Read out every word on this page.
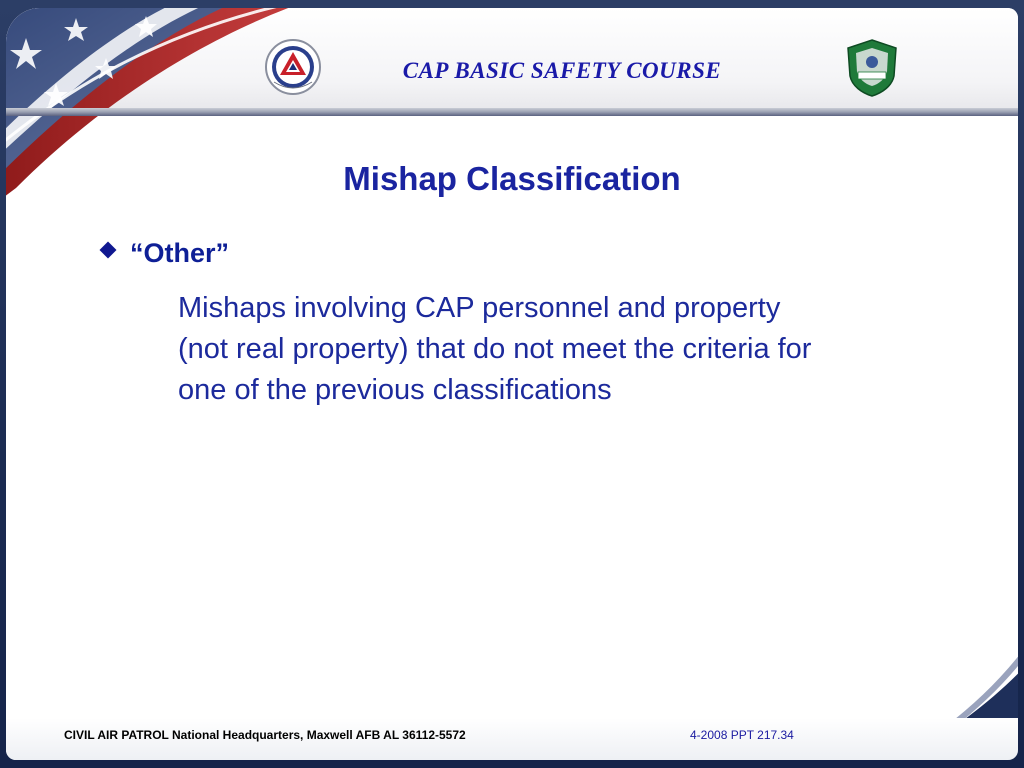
CAP BASIC SAFETY COURSE
Mishap Classification
“Other”
Mishaps involving CAP personnel and property
(not real property) that do not meet the criteria for
one of the previous classifications
CIVIL AIR PATROL National Headquarters, Maxwell AFB AL 36112-5572	4-2008 PPT 217.34
